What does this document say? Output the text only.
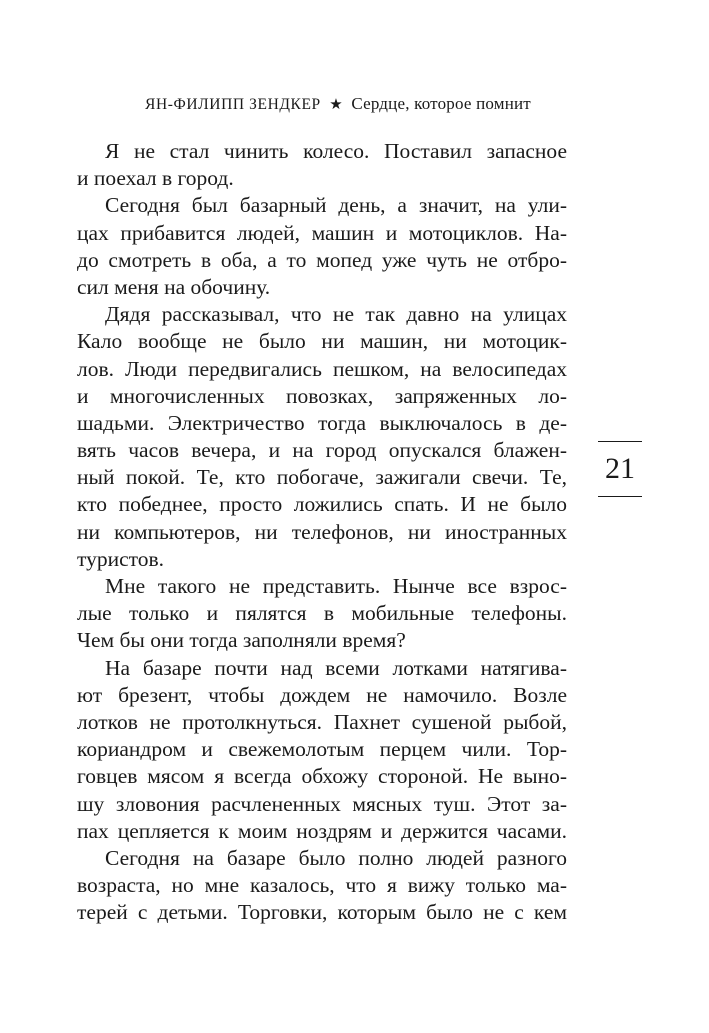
ЯН-ФИЛИПП ЗЕНДКЕР ★ Сердце, которое помнит
Я не стал чинить колесо. Поставил запасное
и поехал в город.
Сегодня был базарный день, а значит, на ули-
цах прибавится людей, машин и мотоциклов. На-
до смотреть в оба, а то мопед уже чуть не отбро-
сил меня на обочину.
Дядя рассказывал, что не так давно на улицах
Кало вообще не было ни машин, ни мотоцик-
лов. Люди передвигались пешком, на велосипедах
и многочисленных повозках, запряженных ло-
шадьми. Электричество тогда выключалось в де-
вять часов вечера, и на город опускался блажен-
ный покой. Те, кто побогаче, зажигали свечи. Те,
кто победнее, просто ложились спать. И не было
ни компьютеров, ни телефонов, ни иностранных
туристов.
Мне такого не представить. Нынче все взрос-
лые только и пялятся в мобильные телефоны.
Чем бы они тогда заполняли время?
На базаре почти над всеми лотками натягива-
ют брезент, чтобы дождем не намочило. Возле
лотков не протолкнуться. Пахнет сушеной рыбой,
кориандром и свежемолотым перцем чили. Тор-
говцев мясом я всегда обхожу стороной. Не выно-
шу зловония расчлененных мясных туш. Этот за-
пах цепляется к моим ноздрям и держится часами.
Сегодня на базаре было полно людей разного
возраста, но мне казалось, что я вижу только ма-
терей с детьми. Торговки, которым было не с кем
21
